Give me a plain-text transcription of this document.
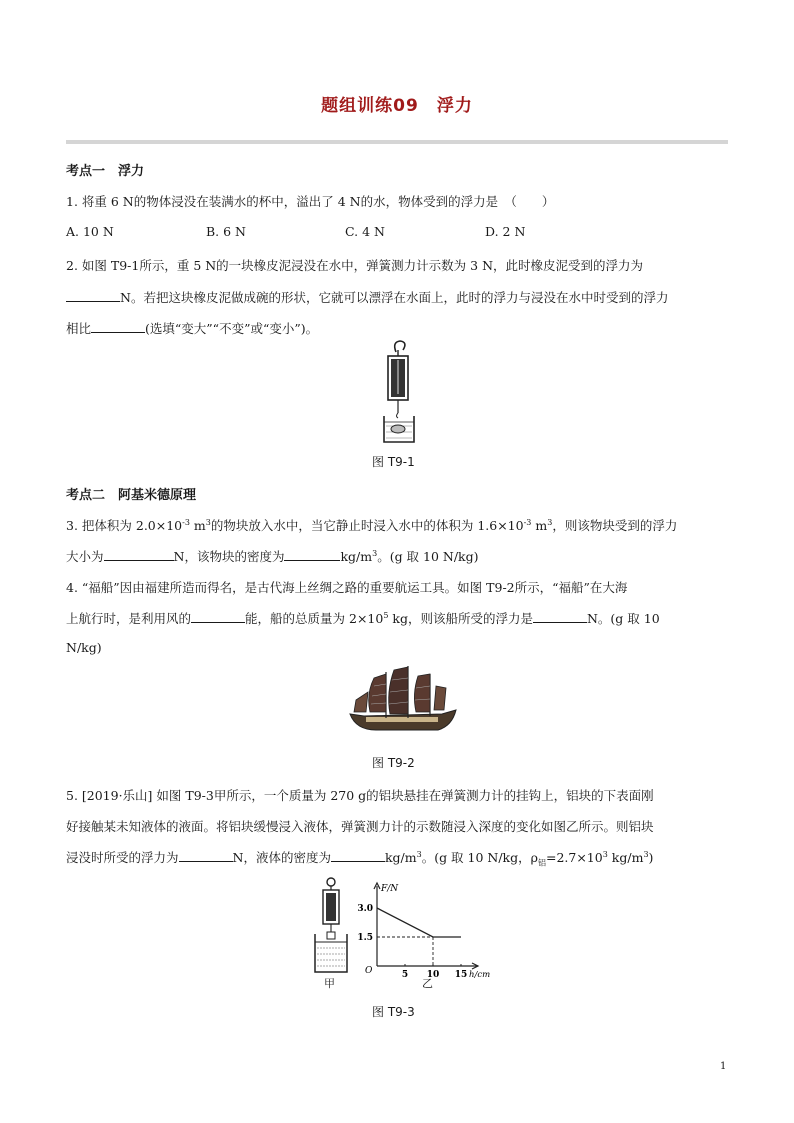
题组训练09　浮力
考点一　浮力
1. 将重 6 N的物体浸没在装满水的杯中，溢出了 4 N的水，物体受到的浮力是　（　　）
A. 10 N	B. 6 N	C. 4 N	D. 2 N
2. 如图 T9-1所示，重 5 N的一块橡皮泥浸没在水中，弹簧测力计示数为 3 N，此时橡皮泥受到的浮力为
N。若把这块橡皮泥做成碗的形状，它就可以漂浮在水面上，此时的浮力与浸没在水中时受到的浮力
相比	(选填“变大”“不变”或“变小”)。
图 T9-1
考点二　阿基米德原理
3. 把体积为 $2.0\times 10^{-3}$ $m^3$的物块放入水中，当它静止时浸入水中的体积为 $1.6\times 10^{-3}$ $m^3$，则该物块受到的浮力
大小为	N，该物块的密度为	$kg/m^3$。(g 取 10 N/kg)
4. “福船”因由福建所造而得名，是古代海上丝绸之路的重要航运工具。如图 T9-2所示，“福船”在大海
上航行时，是利用风的	能，船的总质量为 $2\times 10^5$ kg，则该船所受的浮力是	N。(g 取 10
N/kg)
图 T9-2
5. [2019·乐山] 如图 T9-3甲所示，一个质量为 270 g的铝块悬挂在弹簧测力计的挂钩上，铝块的下表面刚
好接触某未知液体的液面。将铝块缓慢浸入液体，弹簧测力计的示数随浸入深度的变化如图乙所示。则铝块
浸没时所受的浮力为	N，液体的密度为	$kg/m^3$。(g 取 10 N/kg，$\rho_铝=2.7\times 10^3$ $kg/m^3$)
甲
F/N
O
3.0
1.5
5 10 15 h/cm
乙
图 T9-3
1
